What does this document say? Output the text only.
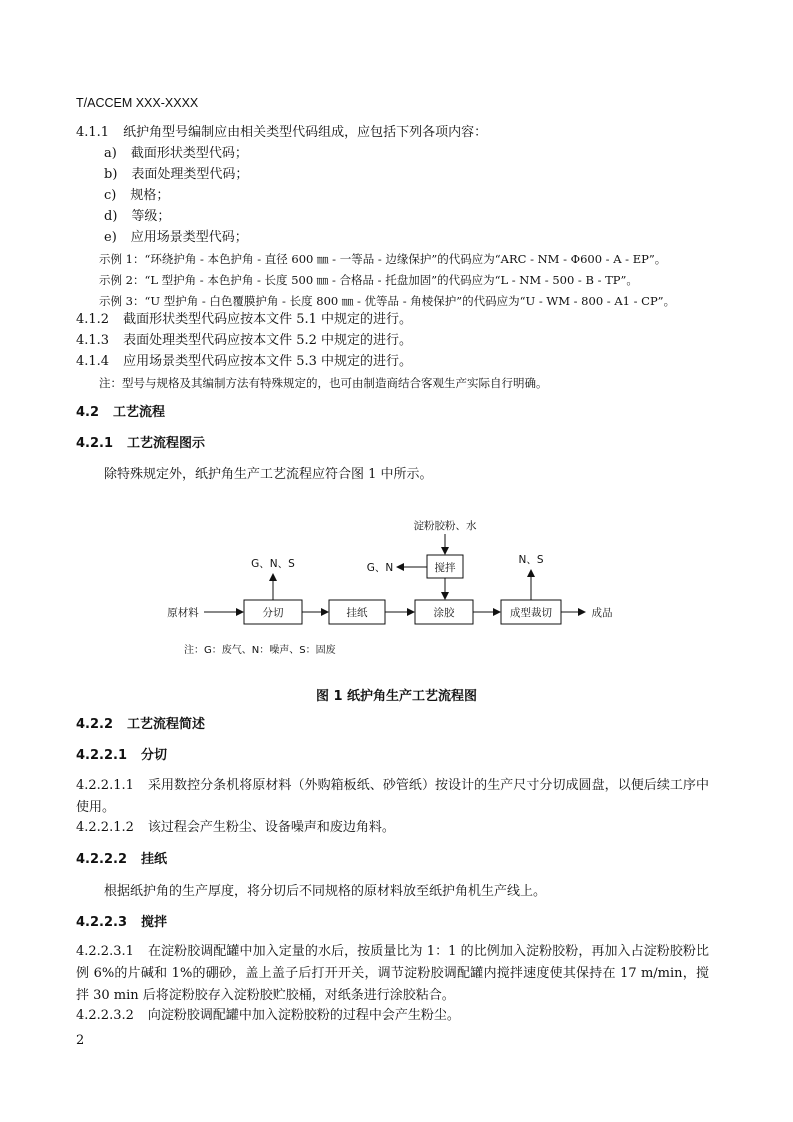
T/ACCEM XXX-XXXX
4.1.1 纸护角型号编制应由相关类型代码组成，应包括下列各项内容：
a) 截面形状类型代码；
b) 表面处理类型代码；
c) 规格；
d) 等级；
e) 应用场景类型代码；
示例 1：“环绕护角 - 本色护角 - 直径 600 ㎜ - 一等品 - 边缘保护”的代码应为“ARC - NM - Φ600 - A - EP”。
示例 2：“L 型护角 - 本色护角 - 长度 500 ㎜ - 合格品 - 托盘加固”的代码应为“L - NM - 500 - B - TP”。
示例 3：“U 型护角 - 白色覆膜护角 - 长度 800 ㎜ - 优等品 - 角棱保护”的代码应为“U - WM - 800 - A1 - CP”。
4.1.2 截面形状类型代码应按本文件 5.1 中规定的进行。
4.1.3 表面处理类型代码应按本文件 5.2 中规定的进行。
4.1.4 应用场景类型代码应按本文件 5.3 中规定的进行。
注：型号与规格及其编制方法有特殊规定的，也可由制造商结合客观生产实际自行明确。
4.2 工艺流程
4.2.1 工艺流程图示
除特殊规定外，纸护角生产工艺流程应符合图 1 中所示。
淀粉胶粉、水
搅拌
G、N
原材料	分切
G、N、S
挂纸	涂胶	成型裁切
N、S
成品
注：G：废气、N：噪声、S：固废
图 1 纸护角生产工艺流程图
4.2.2 工艺流程简述
4.2.2.1 分切
4.2.2.1.1 采用数控分条机将原材料（外购箱板纸、砂管纸）按设计的生产尺寸分切成圆盘，以便后续工序中使用。
4.2.2.1.2 该过程会产生粉尘、设备噪声和废边角料。
4.2.2.2 挂纸
根据纸护角的生产厚度，将分切后不同规格的原材料放至纸护角机生产线上。
4.2.2.3 搅拌
4.2.2.3.1 在淀粉胶调配罐中加入定量的水后，按质量比为 1：1 的比例加入淀粉胶粉，再加入占淀粉胶粉比例 6%的片碱和 1%的硼砂，盖上盖子后打开开关，调节淀粉胶调配罐内搅拌速度使其保持在 17 m/min，搅拌 30 min 后将淀粉胶存入淀粉胶贮胶桶，对纸条进行涂胶粘合。
4.2.2.3.2 向淀粉胶调配罐中加入淀粉胶粉的过程中会产生粉尘。
2
